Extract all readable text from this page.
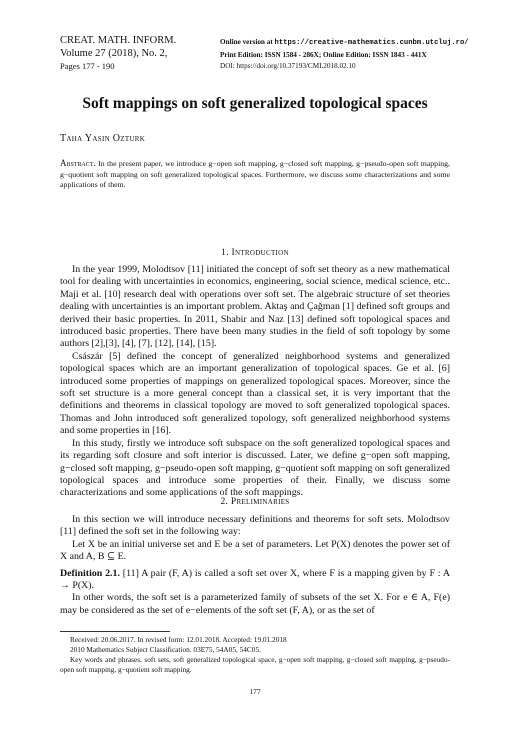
CREAT. MATH. INFORM.
Volume 27 (2018), No. 2,
Pages 177 - 190
Online version at https://creative-mathematics.cunbm.utcluj.ro/
Print Edition: ISSN 1584 - 286X; Online Edition: ISSN 1843 - 441X
DOI: https://doi.org/10.37193/CMI.2018.02.10
Soft mappings on soft generalized topological spaces
Taha Yasin Ozturk
Abstract. In the present paper, we introduce g−open soft mapping, g−closed soft mapping, g−pseudo-open soft mapping, g−quotient soft mapping on soft generalized topological spaces. Furthermore, we discuss some characterizations and some applications of them.
1. Introduction

In the year 1999, Molodtsov [11] initiated the concept of soft set theory as a new mathematical tool for dealing with uncertainties in economics, engineering, social science, medical science, etc.. Maji et al. [10] research deal with operations over soft set. The algebraic structure of set theories dealing with uncertainties is an important problem. Aktaş and Çağman [1] defined soft groups and derived their basic properties. In 2011, Shabir and Naz [13] defined soft topological spaces and introduced basic properties. There have been many studies in the field of soft topology by some authors [2],[3], [4], [7], [12], [14], [15].

Császár [5] defined the concept of generalized neighborhood systems and generalized topological spaces which are an important generalization of topological spaces. Ge et al. [6] introduced some properties of mappings on generalized topological spaces. Moreover, since the soft set structure is a more general concept than a classical set, it is very important that the definitions and theorems in classical topology are moved to soft generalized topological spaces. Thomas and John introduced soft generalized topology, soft generalized neighborhood systems and some properties in [16].

In this study, firstly we introduce soft subspace on the soft generalized topological spaces and its regarding soft closure and soft interior is discussed. Later, we define g−open soft mapping, g−closed soft mapping, g−pseudo-open soft mapping, g−quotient soft mapping on soft generalized topological spaces and introduce some properties of their. Finally, we discuss some characterizations and some applications of the soft mappings.

2. Preliminaries

In this section we will introduce necessary definitions and theorems for soft sets. Molodtsov [11] defined the soft set in the following way:

Let X be an initial universe set and E be a set of parameters. Let P(X) denotes the power set of X and A, B ⊆ E.

Definition 2.1. [11] A pair (F, A) is called a soft set over X, where F is a mapping given by F : A → P(X).

In other words, the soft set is a parameterized family of subsets of the set X. For e ∈ A, F(e) may be considered as the set of e−elements of the soft set (F, A), or as the set of

Received: 20.06.2017. In revised form: 12.01.2018. Accepted: 19.01.2018

2010 Mathematics Subject Classification. 03E75, 54A05, 54C05.

Key words and phrases. soft sets, soft generalized topological space, g−open soft mapping, g−closed soft mapping, g−pseudo-open soft mapping, g−quotient soft mapping.

177
